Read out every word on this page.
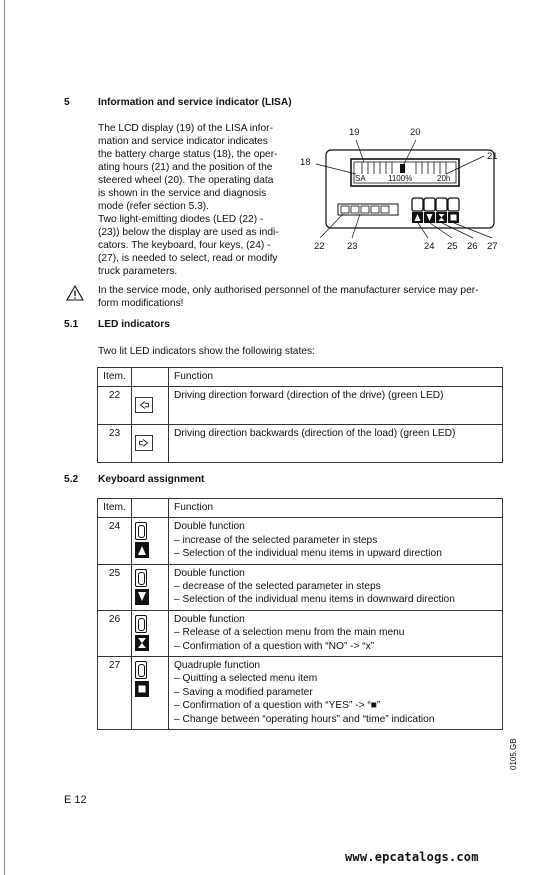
5	Information and service indicator (LISA)

The LCD display (19) of the LISA infor-

mation and service indicator indicates

the battery charge status (18), the oper-

ating hours (21) and the position of the

steered wheel (20). The operating data

is shown in the service and diagnosis

mode (refer section 5.3).

Two light-emitting diodes (LED (22) -

(23)) below the display are used as indi-

cators. The keyboard, four keys, (24) -

(27), is needed to select, read or modify

truck parameters.

19	20
21
18
SA	1100%	20h
22 23	24 25 26 27
In the service mode, only authorised personnel of the manufacturer service may per-
form modifications!
5.1 LED indicators
Two lit LED indicators show the following states:
Item.		Function
22		Driving direction forward (direction of the drive) (green LED)
23		Driving direction backwards (direction of the load) (green LED)
5.2 Keyboard assignment
Item.		Function
24		Double function
– increase of the selected parameter in steps
– Selection of the individual menu items in upward direction

25		Double function
– decrease of the selected parameter in steps
– Selection of the individual menu items in downward direction

26		Double function
– Release of a selection menu from the main menu
– Confirmation of a question with “NO” -> “x”

27		Quadruple function
– Quitting a selected menu item
– Saving a modified parameter
– Confirmation of a question with “YES” -> “■”
– Change between “operating hours” and “time” indication
E 12
0105.GB
www.epcatalogs.com
